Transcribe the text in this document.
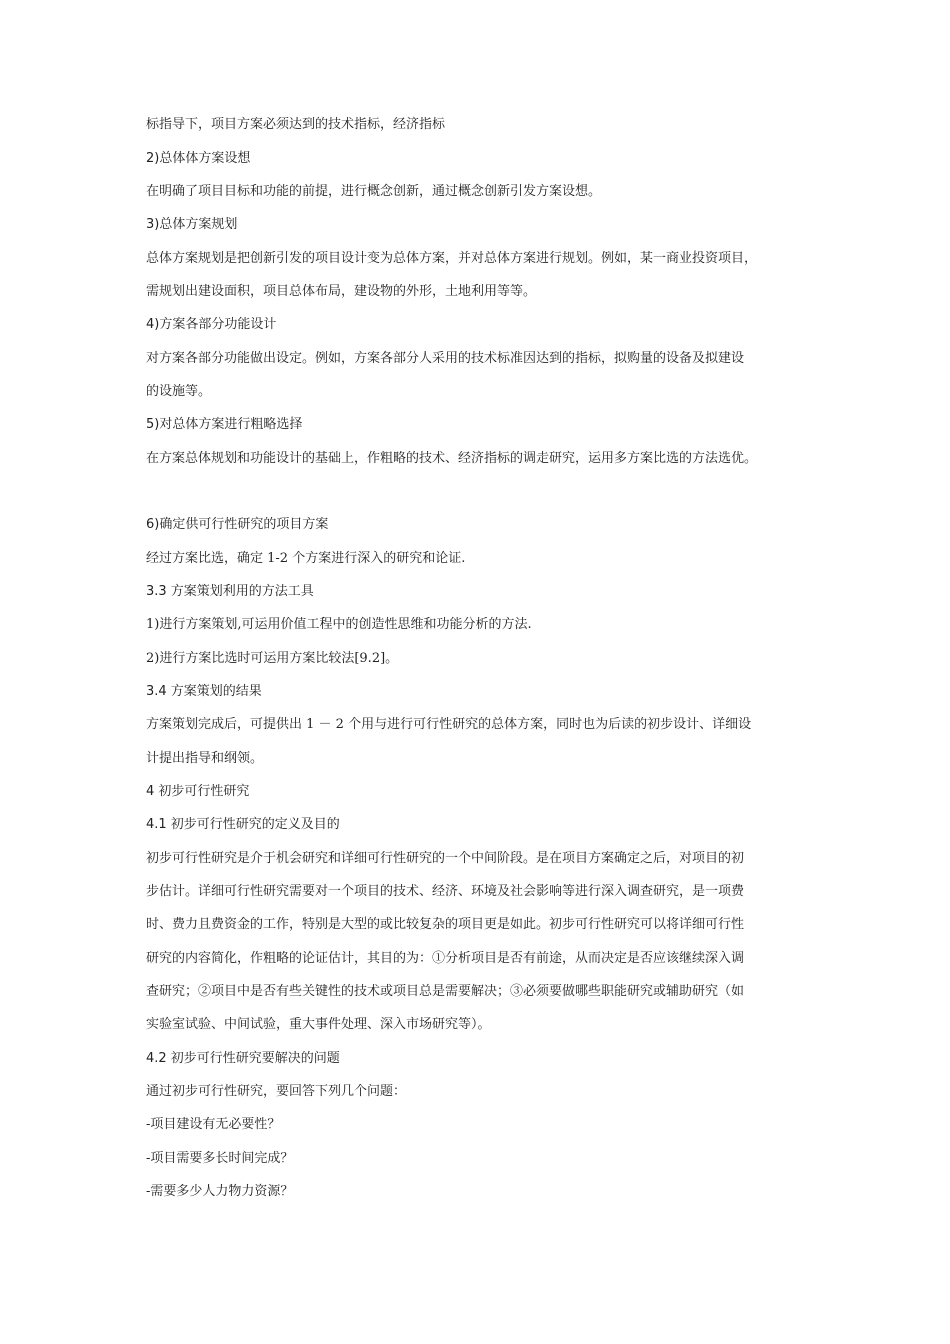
标指导下，项目方案必须达到的技术指标，经济指标
2)总体体方案设想
在明确了项目目标和功能的前提，进行概念创新，通过概念创新引发方案设想。
3)总体方案规划
总体方案规划是把创新引发的项目设计变为总体方案，并对总体方案进行规划。例如，某一商业投资项目，
需规划出建设面积，项目总体布局，建设物的外形，土地利用等等。
4)方案各部分功能设计
对方案各部分功能做出设定。例如，方案各部分人采用的技术标准因达到的指标，拟购量的设备及拟建设
的设施等。
5)对总体方案进行粗略选择
在方案总体规划和功能设计的基础上，作粗略的技术、经济指标的调走研究，运用多方案比选的方法选优。
6)确定供可行性研究的项目方案
经过方案比选，确定 1-2 个方案进行深入的研究和论证.
3.3 方案策划利用的方法工具
1)进行方案策划,可运用价值工程中的创造性思维和功能分析的方法.
2)进行方案比选时可运用方案比较法[9.2]。
3.4 方案策划的结果
方案策划完成后，可提供出 1 － 2 个用与进行可行性研究的总体方案，同时也为后读的初步设计、详细设
计提出指导和纲领。
4 初步可行性研究
4.1 初步可行性研究的定义及目的
初步可行性研究是介于机会研究和详细可行性研究的一个中间阶段。是在项目方案确定之后，对项目的初
步估计。详细可行性研究需要对一个项目的技术、经济、环境及社会影响等进行深入调查研究，是一项费
时、费力且费资金的工作，特别是大型的或比较复杂的项目更是如此。初步可行性研究可以将详细可行性
研究的内容简化，作粗略的论证估计，其目的为：①分析项目是否有前途，从而决定是否应该继续深入调
查研究；②项目中是否有些关键性的技术或项目总是需要解决；③必须要做哪些职能研究或辅助研究（如
实验室试验、中间试验，重大事件处理、深入市场研究等）。
4.2 初步可行性研究要解决的问题
通过初步可行性研究，要回答下列几个问题：
-项目建设有无必要性？
-项目需要多长时间完成？
-需要多少人力物力资源？
